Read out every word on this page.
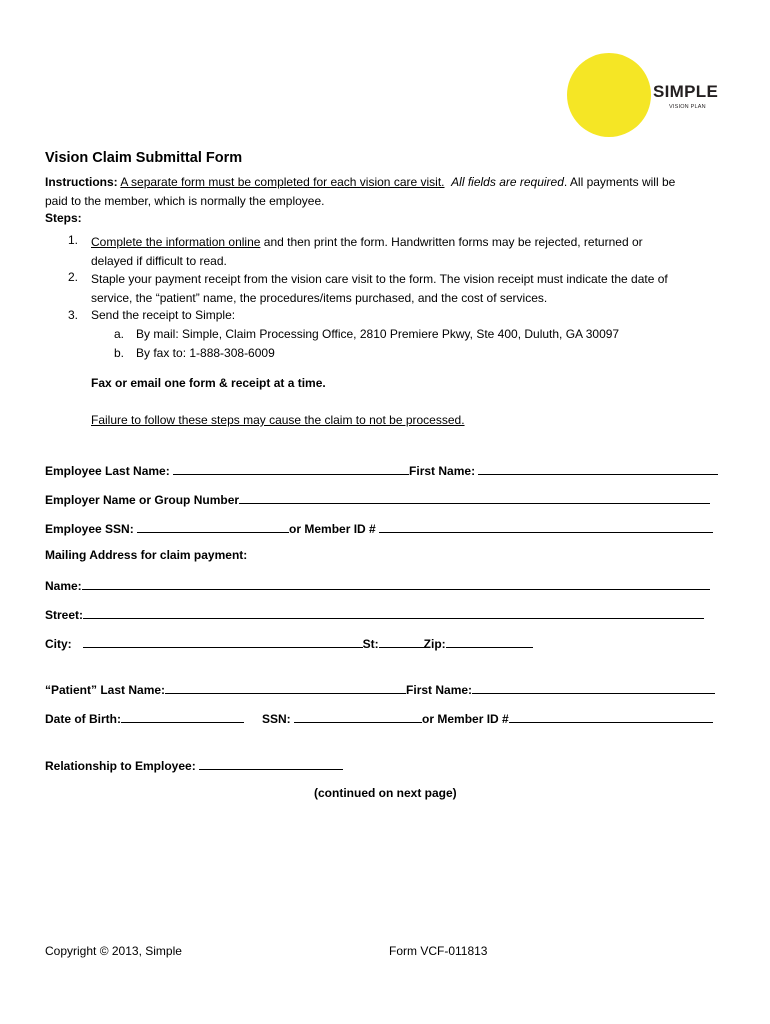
SIMPLE
VISION PLAN
Vision Claim Submittal Form
Instructions: A separate form must be completed for each vision care visit. All fields are required. All payments will be
paid to the member, which is normally the employee.
Steps:
1. Complete the information online and then print the form. Handwritten forms may be rejected, returned or
delayed if difficult to read.
2. Staple your payment receipt from the vision care visit to the form. The vision receipt must indicate the date of
service, the “patient” name, the procedures/items purchased, and the cost of services.
3. Send the receipt to Simple:
a. By mail: Simple, Claim Processing Office, 2810 Premiere Pkwy, Ste 400, Duluth, GA 30097
b. By fax to: 1-888-308-6009
Fax or email one form & receipt at a time.
Failure to follow these steps may cause the claim to not be processed.
Employee Last Name:	First Name:
Employer Name or Group Number
Employee SSN:	or Member ID #
Mailing Address for claim payment:
Name:
Street:
City:	St:	Zip:
“Patient” Last Name:	First Name:
Date of Birth:	SSN:	or Member ID #
Relationship to Employee:
(continued on next page)
Copyright © 2013, Simple	Form VCF-011813
